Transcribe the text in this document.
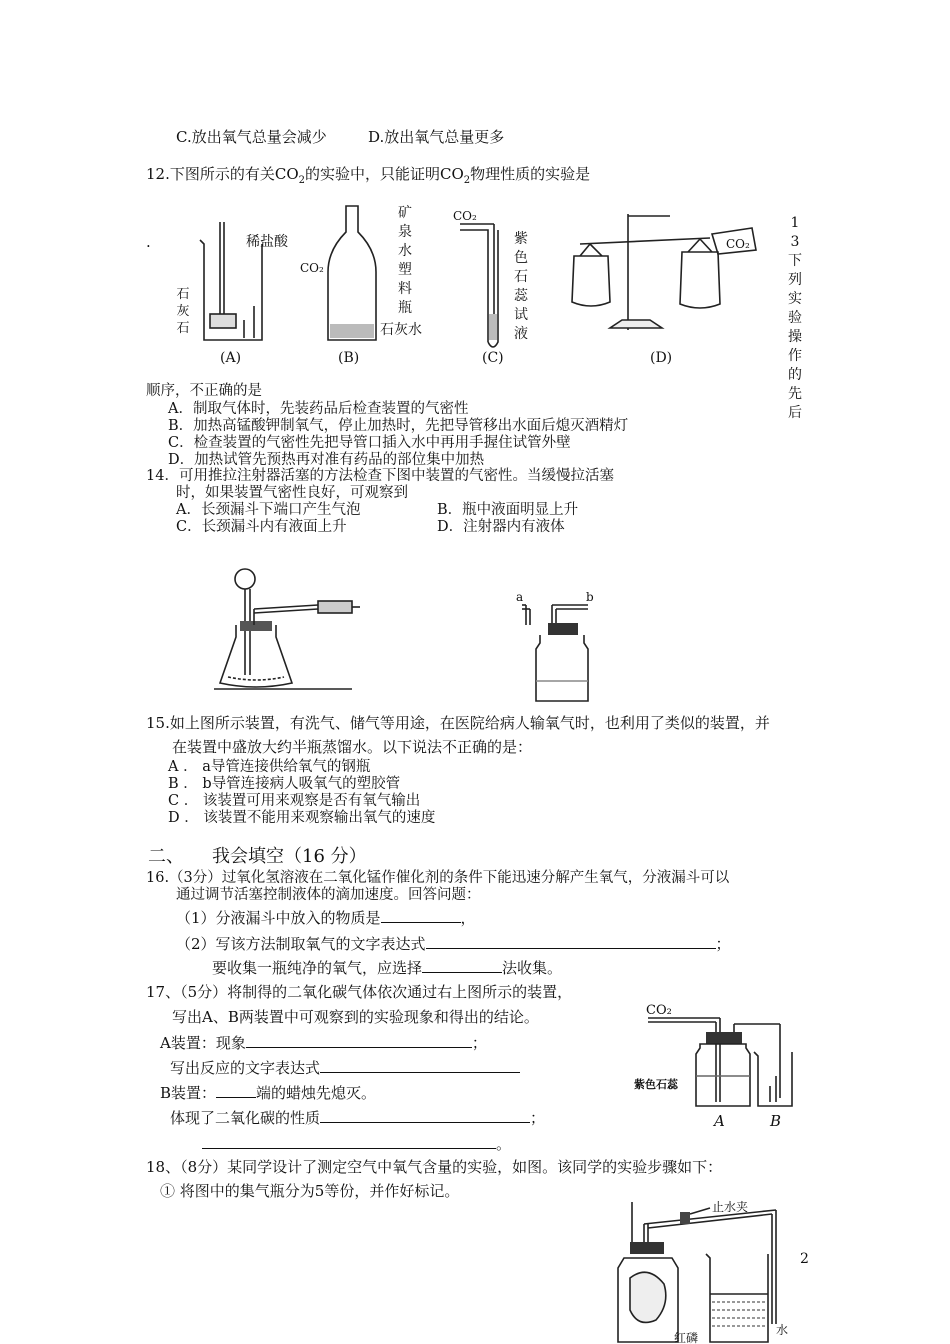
C.放出氧气总量会减少	D.放出氧气总量更多
12.下图所示的有关$CO_2$的实验中，只能证明$CO_2$物理性质的实验是
.	稀盐酸
(A)
CO₂
石灰水
(B)
CO₂
(C)
CO₂
(D)
矿
泉
水
塑
料
瓶
紫
色
石
蕊
试
液
石
灰
石
1
3
下
列
实
验
操
作
的
先
后
顺序，不正确的是
A．制取气体时，先装药品后检查装置的气密性
B．加热高锰酸钾制氧气，停止加热时，先把导管移出水面后熄灭酒精灯
C．检查装置的气密性先把导管口插入水中再用手握住试管外壁
D．加热试管先预热再对准有药品的部位集中加热
14．可用推拉注射器活塞的方法检查下图中装置的气密性。当缓慢拉活塞
时，如果装置气密性良好，可观察到
A．长颈漏斗下端口产生气泡	B．瓶中液面明显上升
C．长颈漏斗内有液面上升	D．注射器内有液体
a	b
15.如上图所示装置，有洗气、储气等用途，在医院给病人输氧气时，也利用了类似的装置，并
在装置中盛放大约半瓶蒸馏水。以下说法不正确的是：
A ． a导管连接供给氧气的钢瓶
B ． b导管连接病人吸氧气的塑胶管
C ． 该装置可用来观察是否有氧气输出
D ． 该装置不能用来观察输出氧气的速度
二、 我会填空（16 分）
16.（3分）过氧化氢溶液在二氧化锰作催化剂的条件下能迅速分解产生氧气，分液漏斗可以
通过调节活塞控制液体的滴加速度。回答问题：
（1）分液漏斗中放入的物质是	，
（2）写该方法制取氧气的文字表达式	；
要收集一瓶纯净的氧气，应选择	法收集。
17、（5分）将制得的二氧化碳气体依次通过右上图所示的装置，
写出A、B两装置中可观察到的实验现象和得出的结论。
A装置：现象	；
写出反应的文字表达式
B装置：	端的蜡烛先熄灭。
体现了二氧化碳的性质	；
。
CO₂
紫色石蕊
A	B
18、（8分）某同学设计了测定空气中氧气含量的实验，如图。该同学的实验步骤如下：
① 将图中的集气瓶分为5等份，并作好标记。
止水夹
水
红磷
2
